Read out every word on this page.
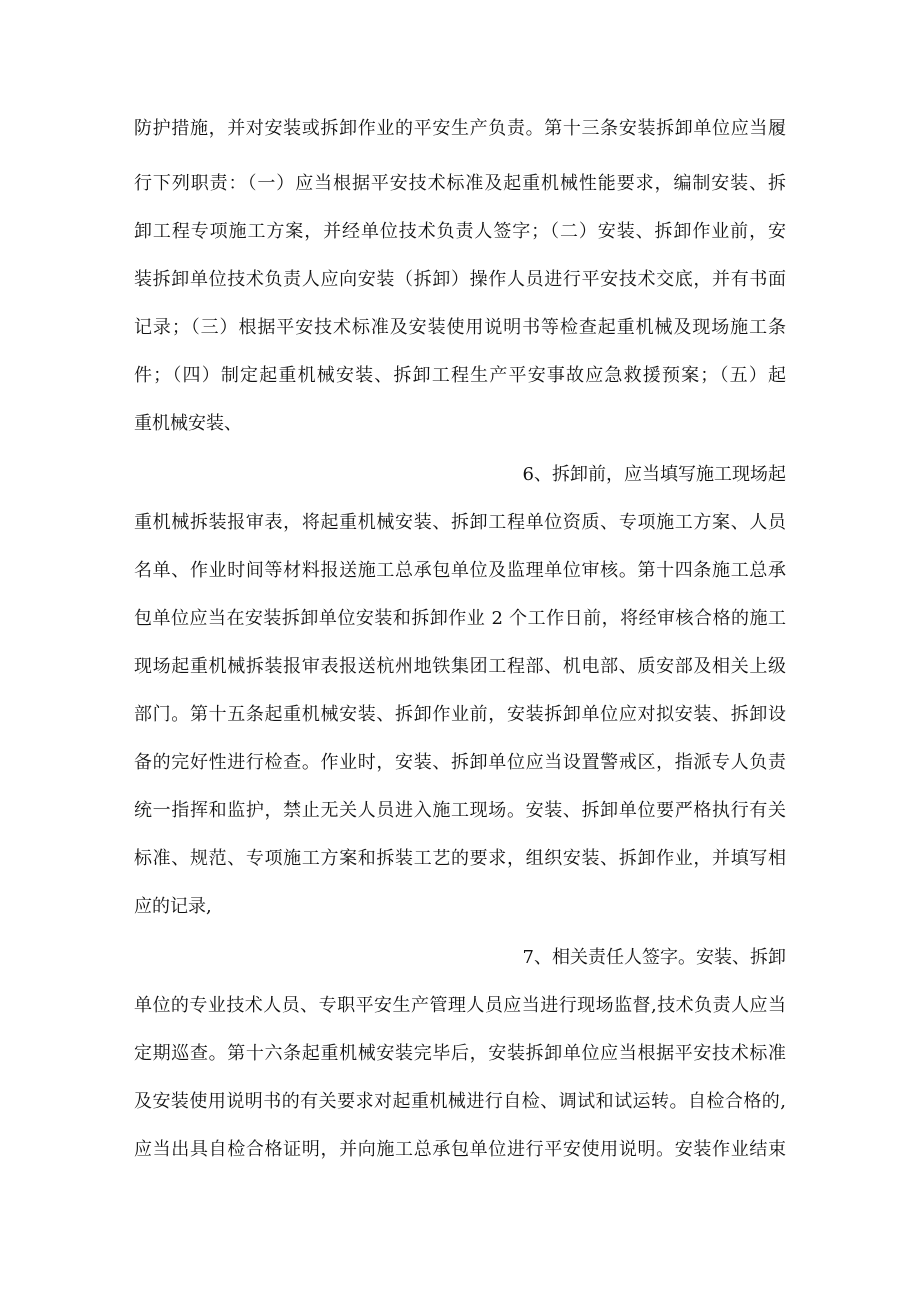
防护措施，并对安装或拆卸作业的平安生产负责。第十三条安装拆卸单位应当履
行下列职责：（一）应当根据平安技术标准及起重机械性能要求，编制安装、拆
卸工程专项施工方案，并经单位技术负责人签字；（二）安装、拆卸作业前，安
装拆卸单位技术负责人应向安装（拆卸）操作人员进行平安技术交底，并有书面
记录；（三）根据平安技术标准及安装使用说明书等检查起重机械及现场施工条
件；（四）制定起重机械安装、拆卸工程生产平安事故应急救援预案；（五）起
重机械安装、
6、拆卸前，应当填写施工现场起
重机械拆装报审表，将起重机械安装、拆卸工程单位资质、专项施工方案、人员
名单、作业时间等材料报送施工总承包单位及监理单位审核。第十四条施工总承
包单位应当在安装拆卸单位安装和拆卸作业 2 个工作日前，将经审核合格的施工
现场起重机械拆装报审表报送杭州地铁集团工程部、机电部、质安部及相关上级
部门。第十五条起重机械安装、拆卸作业前，安装拆卸单位应对拟安装、拆卸设
备的完好性进行检查。作业时，安装、拆卸单位应当设置警戒区，指派专人负责
统一指挥和监护，禁止无关人员进入施工现场。安装、拆卸单位要严格执行有关
标准、规范、专项施工方案和拆装工艺的要求，组织安装、拆卸作业，并填写相
应的记录,
7、相关责任人签字。安装、拆卸
单位的专业技术人员、专职平安生产管理人员应当进行现场监督,技术负责人应当
定期巡查。第十六条起重机械安装完毕后，安装拆卸单位应当根据平安技术标准
及安装使用说明书的有关要求对起重机械进行自检、调试和试运转。自检合格的,
应当出具自检合格证明，并向施工总承包单位进行平安使用说明。安装作业结束
